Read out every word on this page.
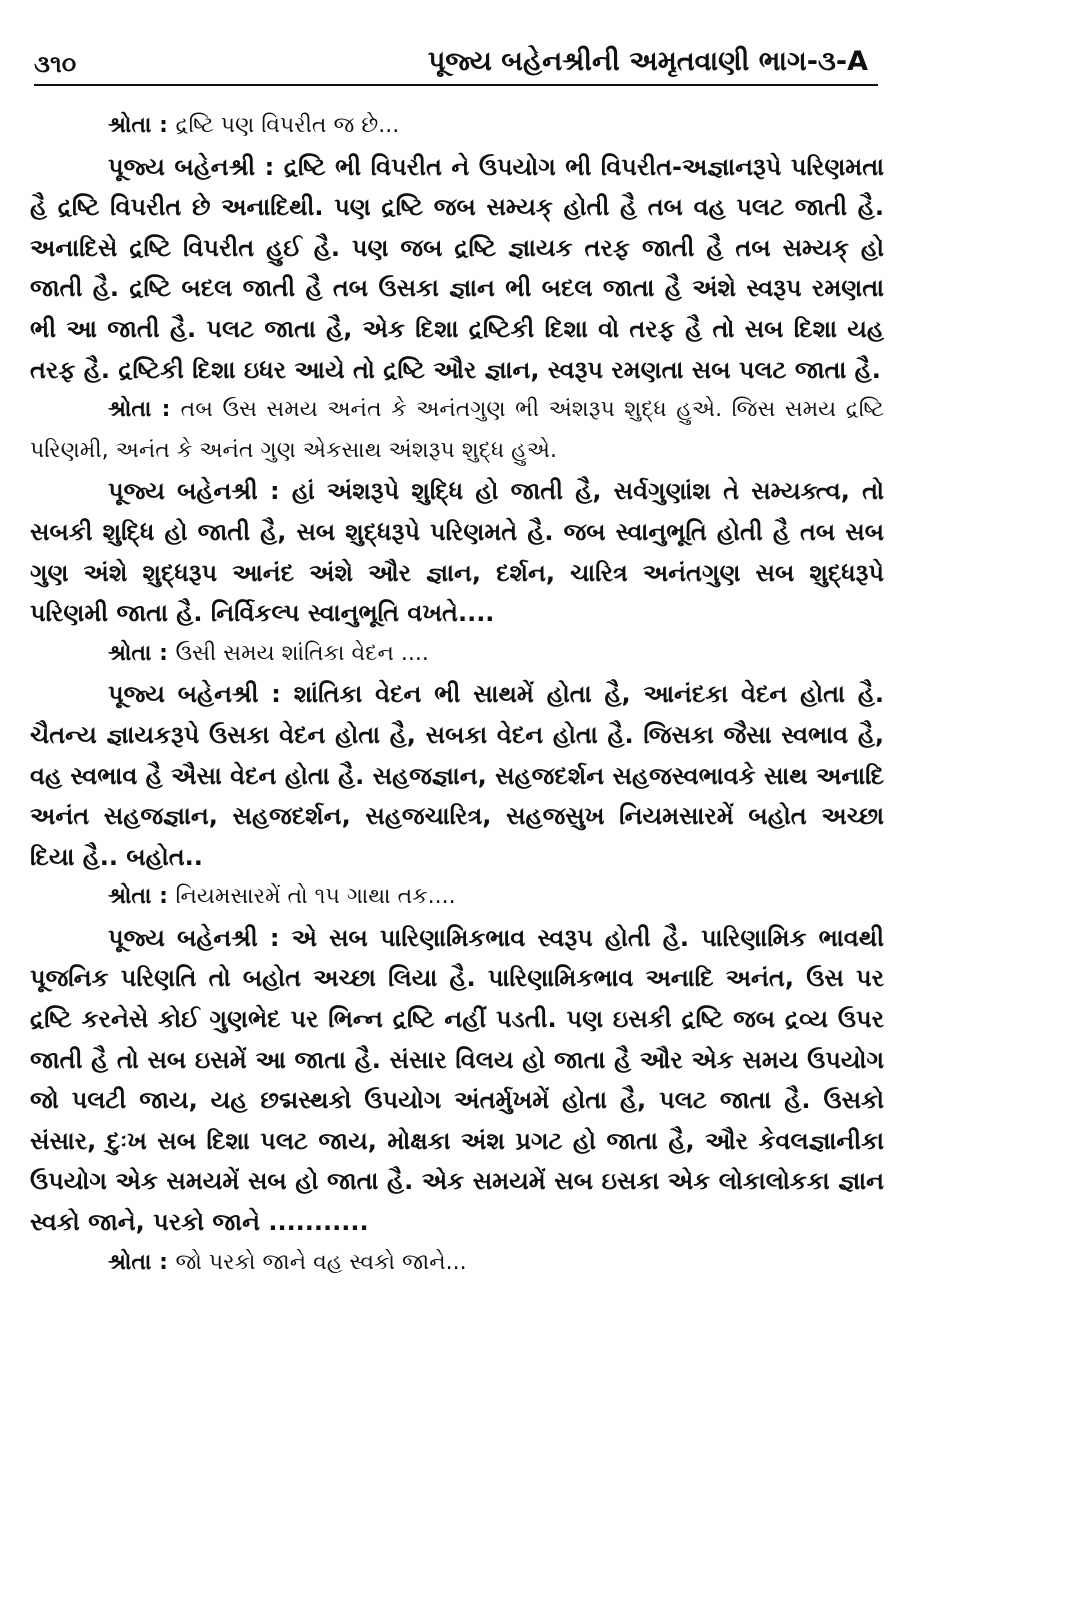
૩૧૦	પૂજ્ય બહેનશ્રીની અમૃતવાણી ભાગ-૩-A

શ્રોતા : દ્રષ્ટિ પણ વિપરીત જ છે...

પૂજ્ય બહેનશ્રી : દ્રષ્ટિ ભી વિપરીત ને ઉપયોગ ભી વિપરીત-અજ્ઞાનરૂપે પરિણમતા હૈ દ્રષ્ટિ વિપરીત છે અનાદિથી. પણ દ્રષ્ટિ જબ સમ્યક્ હોતી હૈ તબ વહ પલટ જાતી હૈ. અનાદિસે દ્રષ્ટિ વિપરીત હુઈ હૈ. પણ જબ દ્રષ્ટિ જ્ઞાયક તરફ જાતી હૈ તબ સમ્યક્ હો જાતી હૈ. દ્રષ્ટિ બદલ જાતી હૈ તબ ઉસકા જ્ઞાન ભી બદલ જાતા હૈ અંશે સ્વરૂપ રમણતા ભી આ જાતી હૈ. પલટ જાતા હૈ, એક દિશા દ્રષ્ટિકી દિશા વો તરફ હૈ તો સબ દિશા યહ તરફ હૈ. દ્રષ્ટિકી દિશા ઇધર આયે તો દ્રષ્ટિ ઔર જ્ઞાન, સ્વરૂપ રમણતા સબ પલટ જાતા હૈ.

શ્રોતા : તબ ઉસ સમય અનંત કે અનંતગુણ ભી અંશરૂપ શુદ્ધ હુએ. જિસ સમય દ્રષ્ટિ પરિણમી, અનંત કે અનંત ગુણ એકસાથ અંશરૂપ શુદ્ધ હુએ.

પૂજ્ય બહેનશ્રી : હાં અંશરૂપે શુદ્ધિ હો જાતી હૈ, સર્વગુણાંશ તે સમ્યક્ત્વ, તો સબકી શુદ્ધિ હો જાતી હૈ, સબ શુદ્ધરૂપે પરિણમતે હૈ. જબ સ્વાનુભૂતિ હોતી હૈ તબ સબ ગુણ અંશે શુદ્ધરૂપ આનંદ અંશે ઔર જ્ઞાન, દર્શન, ચારિત્ર અનંતગુણ સબ શુદ્ધરૂપે પરિણમી જાતા હૈ. નિર્વિકલ્પ સ્વાનુભૂતિ વખતે....

શ્રોતા : ઉસી સમય શાંતિકા વેદન ....

પૂજ્ય બહેનશ્રી : શાંતિકા વેદન ભી સાથમેં હોતા હૈ, આનંદકા વેદન હોતા હૈ. ચૈતન્ય જ્ઞાયકરૂપે ઉસકા વેદન હોતા હૈ, સબકા વેદન હોતા હૈ. જિસકા જૈસા સ્વભાવ હૈ, વહ સ્વભાવ હૈ ઐસા વેદન હોતા હૈ. સહજજ્ઞાન, સહજદર્શન સહજસ્વભાવકે સાથ અનાદિ અનંત સહજજ્ઞાન, સહજદર્શન, સહજચારિત્ર, સહજસુખ નિયમસારમેં બહોત અચ્છા દિયા હૈ.. બહોત..

શ્રોતા : નિયમસારમેં તો ૧૫ ગાથા તક....

પૂજ્ય બહેનશ્રી : એ સબ પારિણામિકભાવ સ્વરૂપ હોતી હૈ. પારિણામિક ભાવથી પૂજનિક પરિણતિ તો બહોત અચ્છા લિયા હૈ. પારિણામિકભાવ અનાદિ અનંત, ઉસ પર દ્રષ્ટિ કરનેસે કોઈ ગુણભેદ પર ભિન્ન દ્રષ્ટિ નહીં પડતી. પણ ઇસકી દ્રષ્ટિ જબ દ્રવ્ય ઉપર જાતી હૈ તો સબ ઇસમેં આ જાતા હૈ. સંસાર વિલય હો જાતા હૈ ઔર એક સમય ઉપયોગ જો પલટી જાય, યહ છદ્મસ્થકો ઉપયોગ અંતર્મુખમેં હોતા હૈ, પલટ જાતા હૈ. ઉસકો સંસાર, દુઃખ સબ દિશા પલટ જાય, મોક્ષકા અંશ પ્રગટ હો જાતા હૈ, ઔર કેવલજ્ઞાનીકા ઉપયોગ એક સમયમેં સબ હો જાતા હૈ. એક સમયમેં સબ ઇસકા એક લોકાલોકકા જ્ઞાન સ્વકો જાને, પરકો જાને ...........

શ્રોતા : જો પરકો જાને વહ સ્વકો જાને...
